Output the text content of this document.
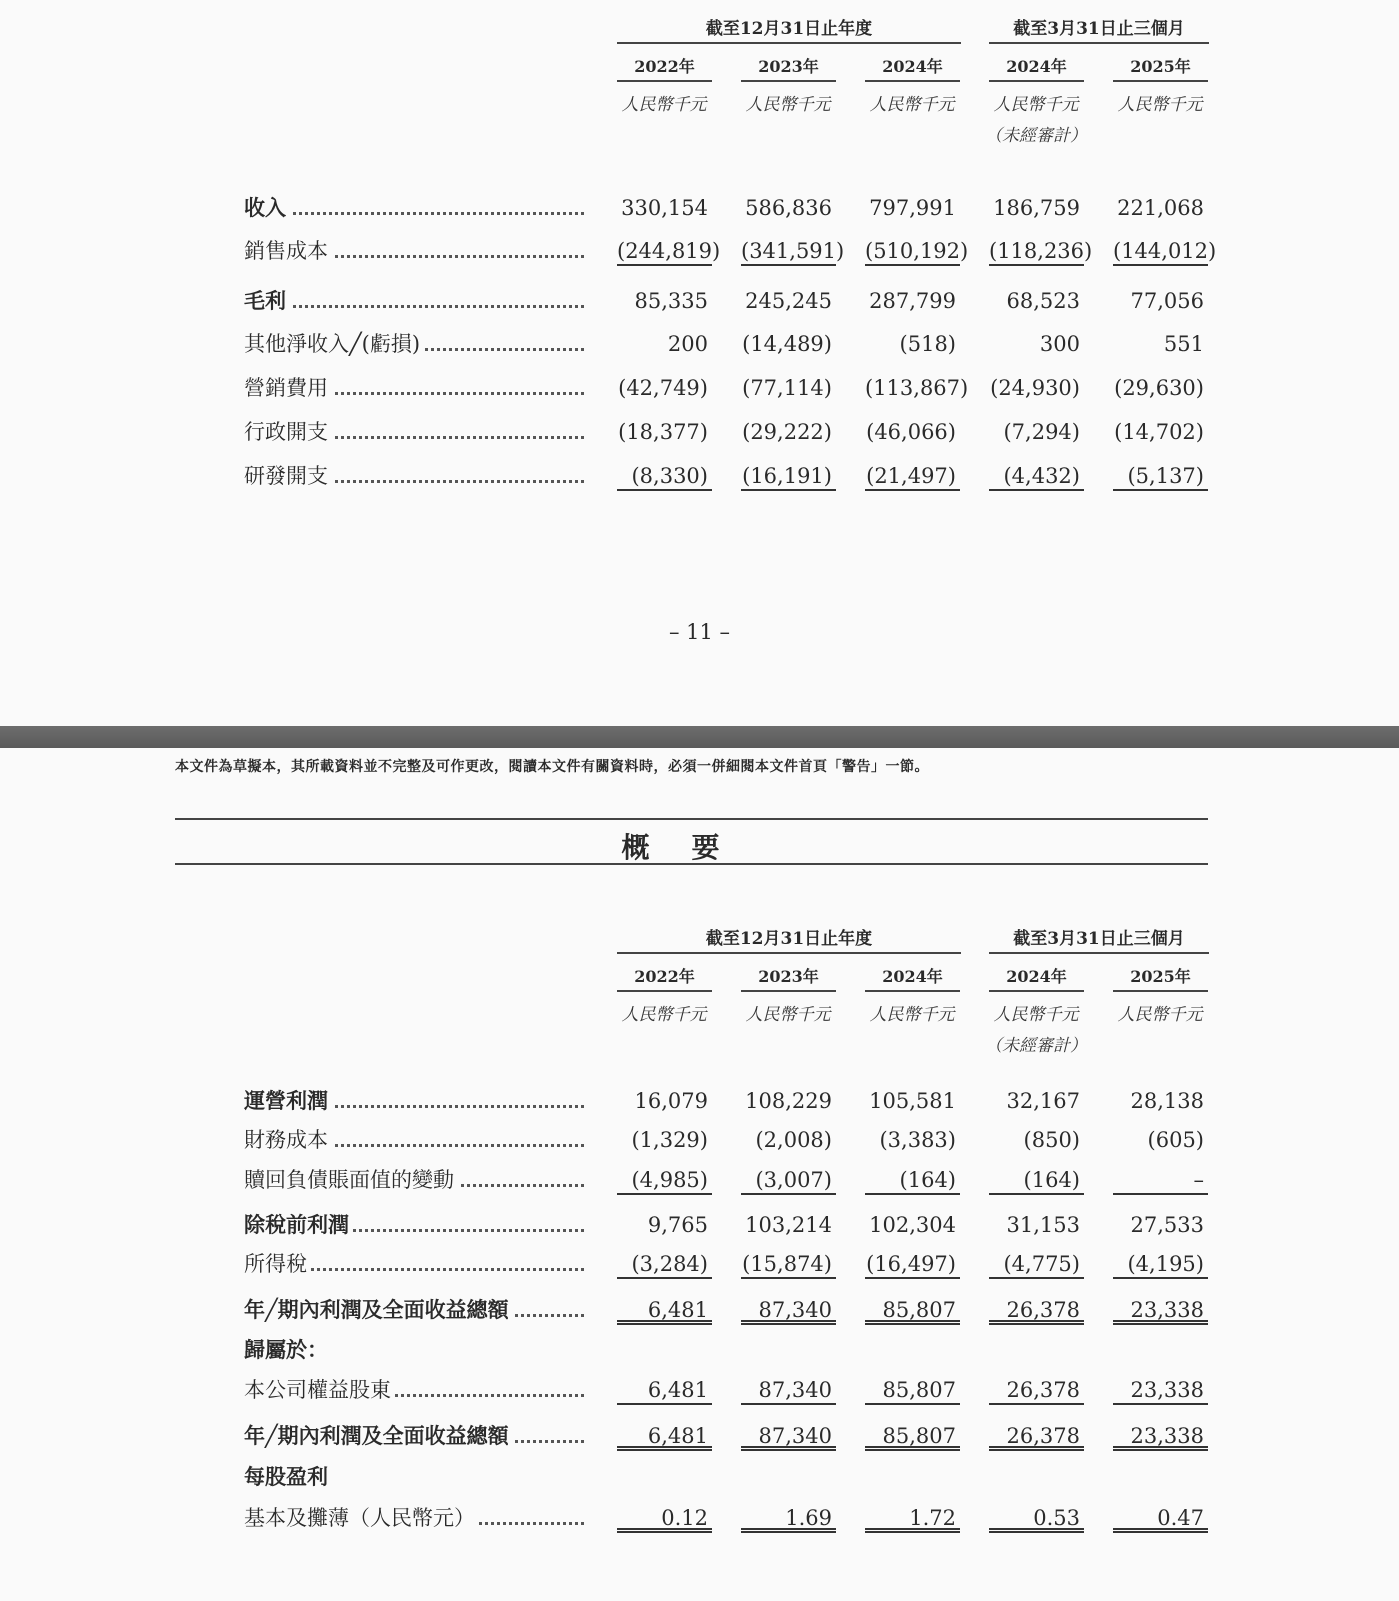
截至12月31日止年度	截至3月31日止三個月
2022年	2023年	2024年	2024年	2025年
人民幣千元	人民幣千元	人民幣千元	人民幣千元	人民幣千元
（未經審計）
收入	330,154 586,836 797,991 186,759 221,068
銷售成本	(244,819) (341,591) (510,192) (118,236) (144,012)
毛利	85,335 245,245 287,799	68,523	77,056
其他淨收入╱(虧損)	200 (14,489)	(518)	300	551
營銷費用	(42,749) (77,114) (113,867) (24,930) (29,630)
行政開支	(18,377) (29,222) (46,066)	(7,294) (14,702)
研發開支	(8,330) (16,191) (21,497)	(4,432)	(5,137)
– 11 –
本文件為草擬本，其所載資料並不完整及可作更改，閱讀本文件有關資料時，必須一併細閱本文件首頁「警告」一節。
概要
截至12月31日止年度	截至3月31日止三個月
2022年	2023年	2024年	2024年	2025年
人民幣千元	人民幣千元	人民幣千元	人民幣千元	人民幣千元
（未經審計）
運營利潤	16,079 108,229 105,581	32,167	28,138
財務成本	(1,329)	(2,008)	(3,383)	(850)	(605)
贖回負債賬面值的變動	(4,985)	(3,007)	(164)	(164)	–
除稅前利潤	9,765 103,214 102,304	31,153	27,533
所得稅	(3,284) (15,874) (16,497)	(4,775)	(4,195)
年╱期內利潤及全面收益總額	6,481	87,340	85,807	26,378	23,338
歸屬於：
本公司權益股東	6,481	87,340	85,807	26,378	23,338
年╱期內利潤及全面收益總額	6,481	87,340	85,807	26,378	23,338
每股盈利
基本及攤薄（人民幣元）	0.12	1.69	1.72	0.53	0.47
